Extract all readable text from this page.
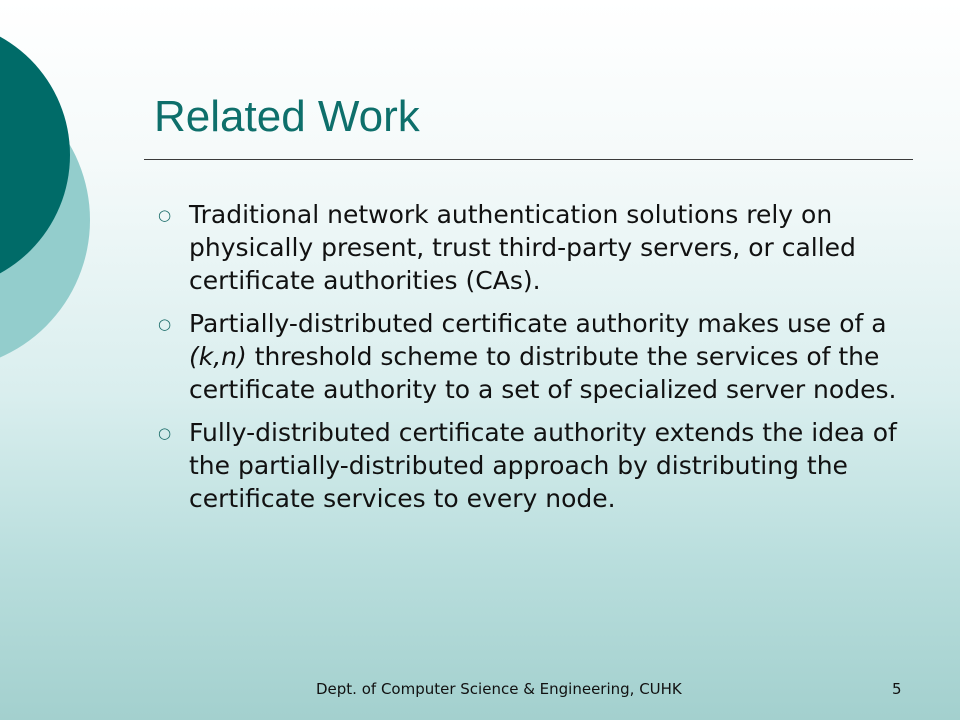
Related Work
○ Traditional network authentication solutions rely on physically present, trust third-party servers, or called certificate authorities (CAs).
○ Partially-distributed certificate authority makes use of a (k,n) threshold scheme to distribute the services of the certificate authority to a set of specialized server nodes.
○ Fully-distributed certificate authority extends the idea of the partially-distributed approach by distributing the certificate services to every node.
Dept. of Computer Science & Engineering, CUHK	5
